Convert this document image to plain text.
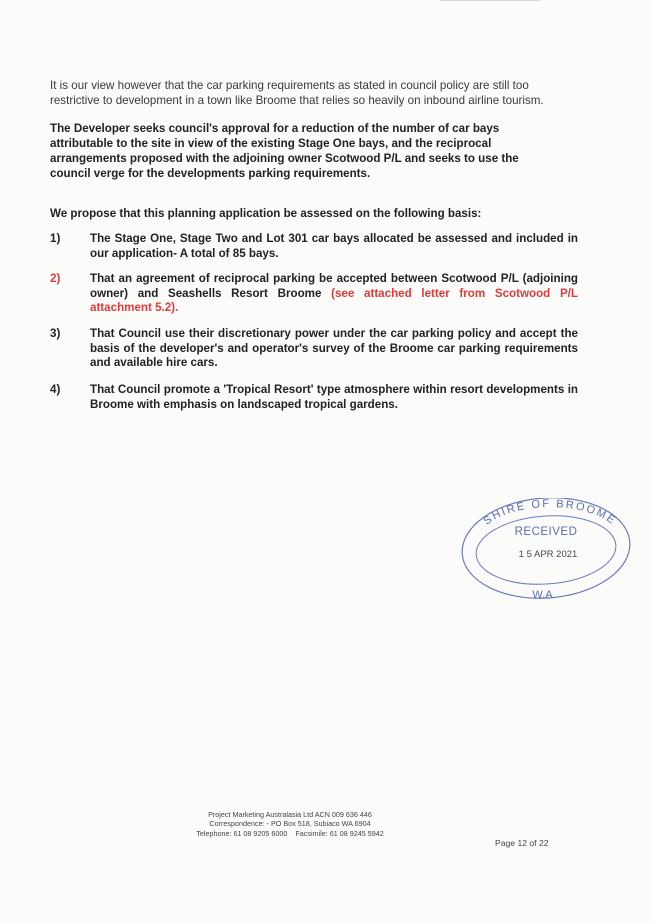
It is our view however that the car parking requirements as stated in council policy are still too restrictive to development in a town like Broome that relies so heavily on inbound airline tourism.

The Developer seeks council's approval for a reduction of the number of car bays attributable to the site in view of the existing Stage One bays, and the reciprocal arrangements proposed with the adjoining owner Scotwood P/L and seeks to use the council verge for the developments parking requirements.

We propose that this planning application be assessed on the following basis:

1)	The Stage One, Stage Two and Lot 301 car bays allocated be assessed and included in our application- A total of 85 bays.
2)	That an agreement of reciprocal parking be accepted between Scotwood P/L (adjoining owner) and Seashells Resort Broome (see attached letter from Scotwood P/L attachment 5.2).
3)	That Council use their discretionary power under the car parking policy and accept the basis of the developer's and operator's survey of the Broome car parking requirements and available hire cars.
4)	That Council promote a 'Tropical Resort' type atmosphere within resort developments in Broome with emphasis on landscaped tropical gardens.
SHIRE OF BROOME
RECEIVED
1 5 APR 2021
W.A.
Project Marketing Australasia Ltd ACN 009 636 446
Correspondence: - PO Box 518, Subiaco WA 6904
Telephone: 61 08 9205 6000    Facsimile: 61 08 9245 5942
Page 12 of 22
